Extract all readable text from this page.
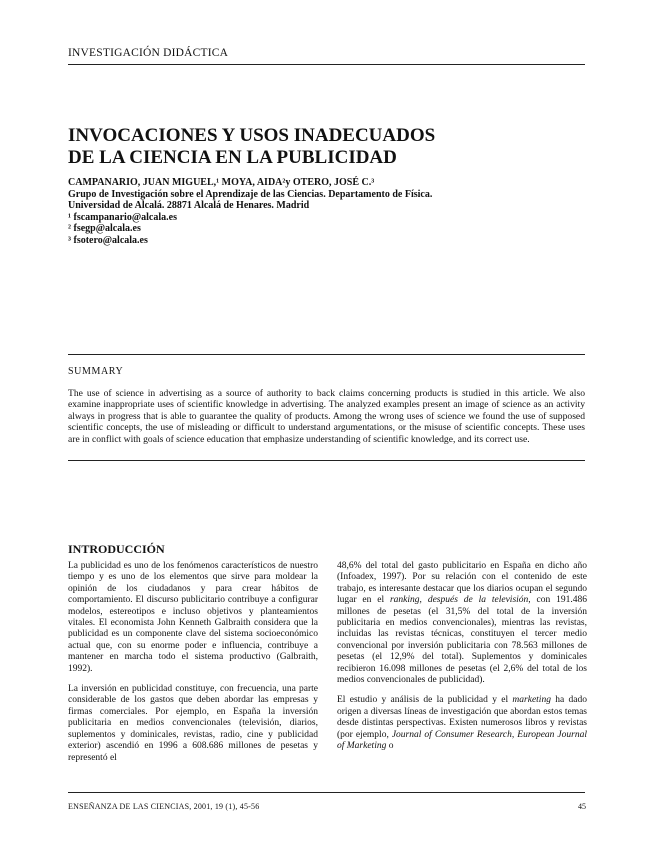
INVESTIGACIÓN DIDÁCTICA
INVOCACIONES Y USOS INADECUADOS
DE LA CIENCIA EN LA PUBLICIDAD
CAMPANARIO, JUAN MIGUEL,¹ MOYA, AIDA²y OTERO, JOSÉ C.³
Grupo de Investigación sobre el Aprendizaje de las Ciencias. Departamento de Física.
Universidad de Alcalá. 28871 Alcalá de Henares. Madrid
¹ fscampanario@alcala.es
² fsegp@alcala.es
³ fsotero@alcala.es
SUMMARY

The use of science in advertising as a source of authority to back claims concerning products is studied in this article. We also examine inappropriate uses of scientific knowledge in advertising. The analyzed examples present an image of science as an activity always in progress that is able to guarantee the quality of products. Among the wrong uses of science we found the use of supposed scientific concepts, the use of misleading or difficult to understand argumentations, or the misuse of scientific concepts. These uses are in conflict with goals of science education that emphasize understanding of scientific knowledge, and its correct use.

INTRODUCCIÓN

La publicidad es uno de los fenómenos característicos de nuestro tiempo y es uno de los elementos que sirve para moldear la opinión de los ciudadanos y para crear hábitos de comportamiento. El discurso publicitario contribuye a configurar modelos, estereotipos e incluso objetivos y planteamientos vitales. El economista John Kenneth Galbraith considera que la publicidad es un componente clave del sistema socioeconómico actual que, con su enorme poder e influencia, contribuye a mantener en marcha todo el sistema productivo (Galbraith, 1992).

La inversión en publicidad constituye, con frecuencia, una parte considerable de los gastos que deben abordar las empresas y firmas comerciales. Por ejemplo, en España la inversión publicitaria en medios convencionales (televisión, diarios, suplementos y dominicales, revistas, radio, cine y publicidad exterior) ascendió en 1996 a 608.686 millones de pesetas y representó el

48,6% del total del gasto publicitario en España en dicho año (Infoadex, 1997). Por su relación con el contenido de este trabajo, es interesante destacar que los diarios ocupan el segundo lugar en el ranking, después de la televisión, con 191.486 millones de pesetas (el 31,5% del total de la inversión publicitaria en medios convencionales), mientras las revistas, incluidas las revistas técnicas, constituyen el tercer medio convencional por inversión publicitaria con 78.563 millones de pesetas (el 12,9% del total). Suplementos y dominicales recibieron 16.098 millones de pesetas (el 2,6% del total de los medios convencionales de publicidad).

El estudio y análisis de la publicidad y el marketing ha dado origen a diversas líneas de investigación que abordan estos temas desde distintas perspectivas. Existen numerosos libros y revistas (por ejemplo, Journal of Consumer Research, European Journal of Marketing o

ENSEÑANZA DE LAS CIENCIAS, 2001, 19 (1), 45-56	45
